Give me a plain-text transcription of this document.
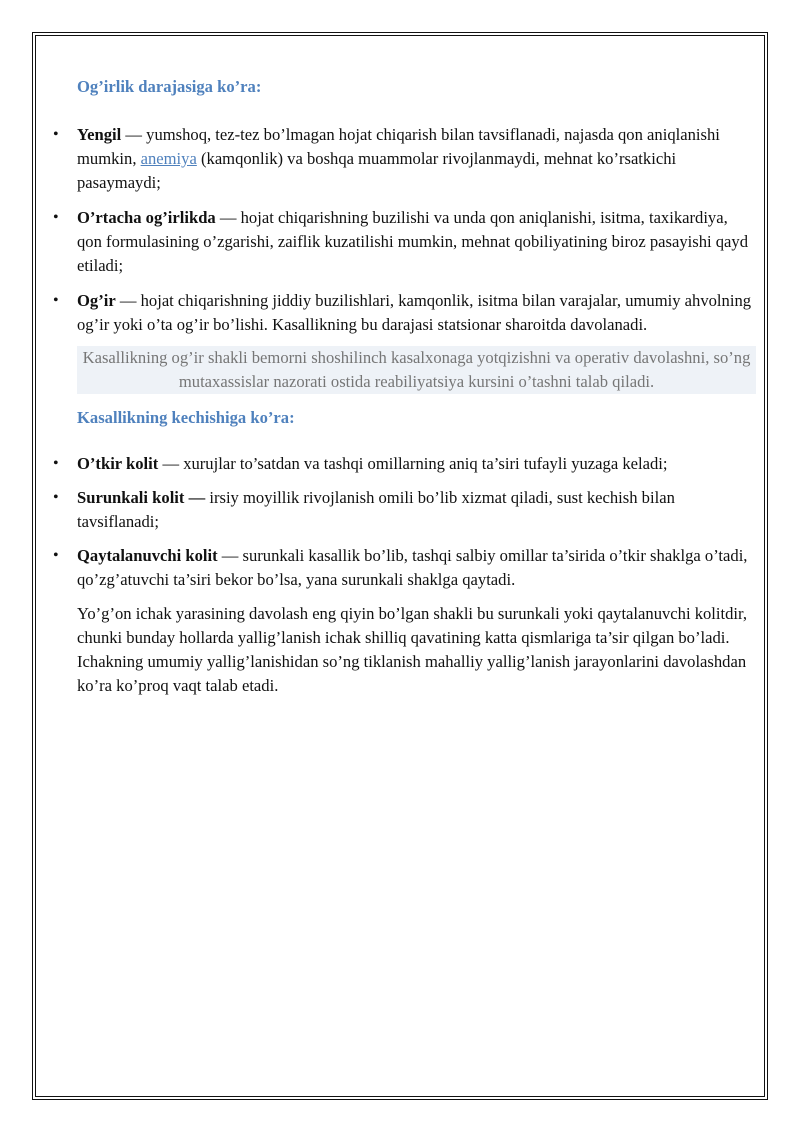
Og’irlik darajasiga ko’ra:

• Yengil — yumshoq, tez-tez bo’lmagan hojat chiqarish bilan tavsiflanadi, najasda qon aniqlanishi mumkin, anemiya (kamqonlik) va boshqa muammolar rivojlanmaydi, mehnat ko’rsatkichi pasaymaydi;
• O’rtacha og’irlikda — hojat chiqarishning buzilishi va unda qon aniqlanishi, isitma, taxikardiya, qon formulasining o’zgarishi, zaiflik kuzatilishi mumkin, mehnat qobiliyatining biroz pasayishi qayd etiladi;
• Og’ir — hojat chiqarishning jiddiy buzilishlari, kamqonlik, isitma bilan varajalar, umumiy ahvolning og’ir yoki o’ta og’ir bo’lishi. Kasallikning bu darajasi statsionar sharoitda davolanadi.
Kasallikning og’ir shakli bemorni shoshilinch kasalxonaga yotqizishni va operativ davolashni, so’ng mutaxassislar nazorati ostida reabiliyatsiya kursini o’tashni talab qiladi.

Kasallikning kechishiga ko’ra:

• O’tkir kolit — xurujlar to’satdan va tashqi omillarning aniq ta’siri tufayli yuzaga keladi;
• Surunkali kolit — irsiy moyillik rivojlanish omili bo’lib xizmat qiladi, sust kechish bilan tavsiflanadi;
• Qaytalanuvchi kolit — surunkali kasallik bo’lib, tashqi salbiy omillar ta’sirida o’tkir shaklga o’tadi, qo’zg’atuvchi ta’siri bekor bo’lsa, yana surunkali shaklga qaytadi.

Yo’g’on ichak yarasining davolash eng qiyin bo’lgan shakli bu surunkali yoki qaytalanuvchi kolitdir, chunki bunday hollarda yallig’lanish ichak shilliq qavatining katta qismlariga ta’sir qilgan bo’ladi. Ichakning umumiy yallig’lanishidan so’ng tiklanish mahalliy yallig’lanish jarayonlarini davolashdan ko’ra ko’proq vaqt talab etadi.
